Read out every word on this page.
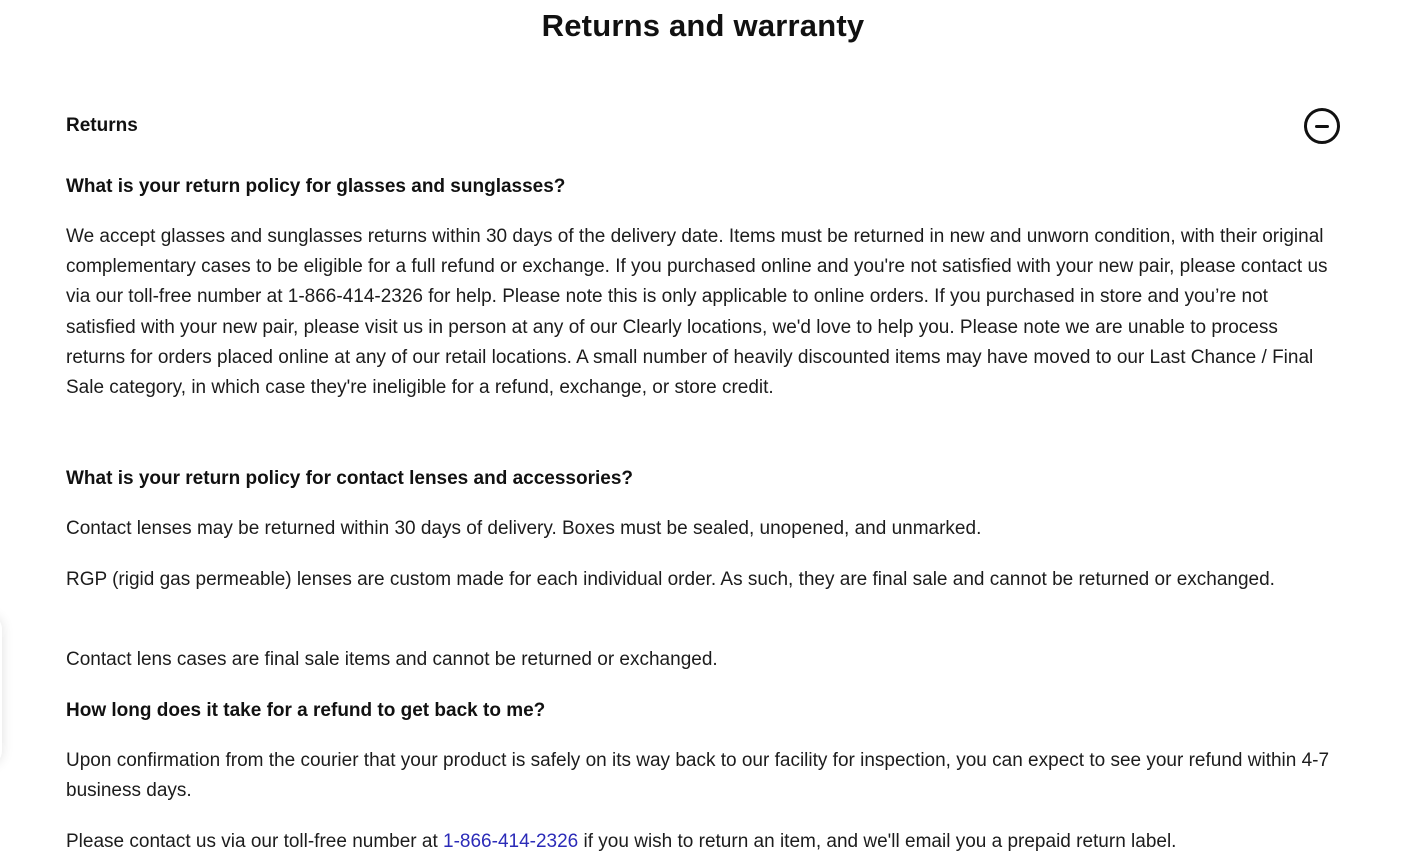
Returns and warranty
Returns

What is your return policy for glasses and sunglasses?

We accept glasses and sunglasses returns within 30 days of the delivery date. Items must be returned in new and unworn condition, with their original complementary cases to be eligible for a full refund or exchange. If you purchased online and you're not satisfied with your new pair, please contact us via our toll-free number at 1-866-414-2326 for help. Please note this is only applicable to online orders. If you purchased in store and you’re not satisfied with your new pair, please visit us in person at any of our Clearly locations, we'd love to help you. Please note we are unable to process returns for orders placed online at any of our retail locations. A small number of heavily discounted items may have moved to our Last Chance / Final Sale category, in which case they're ineligible for a refund, exchange, or store credit.

What is your return policy for contact lenses and accessories?

Contact lenses may be returned within 30 days of delivery. Boxes must be sealed, unopened, and unmarked.

RGP (rigid gas permeable) lenses are custom made for each individual order. As such, they are final sale and cannot be returned or exchanged.

Contact lens cases are final sale items and cannot be returned or exchanged.

How long does it take for a refund to get back to me?

Upon confirmation from the courier that your product is safely on its way back to our facility for inspection, you can expect to see your refund within 4-7 business days.

Please contact us via our toll-free number at 1-866-414-2326 if you wish to return an item, and we'll email you a prepaid return label.
